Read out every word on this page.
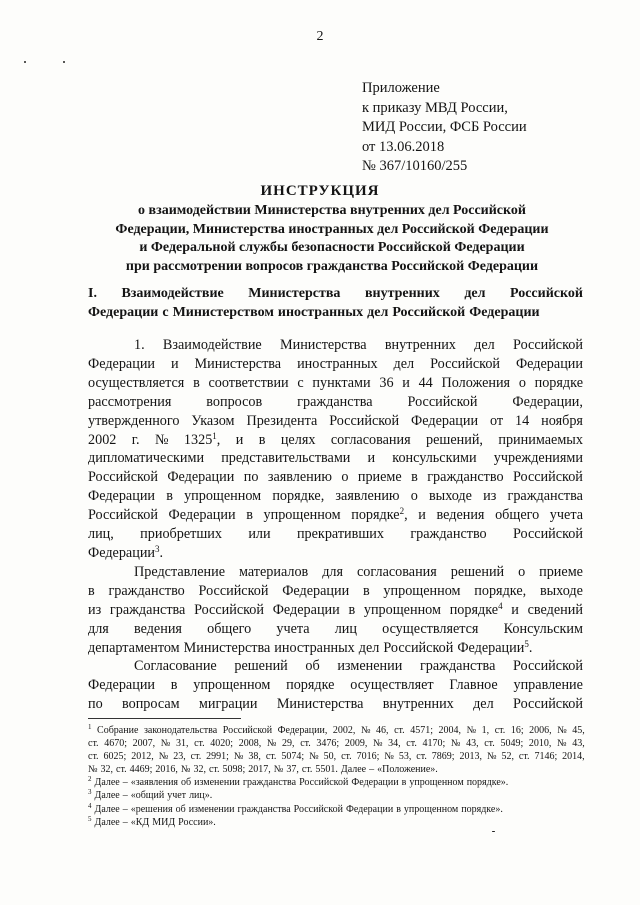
2
Приложение
к приказу МВД России,
МИД России, ФСБ России
от 13.06.2018
№ 367/10160/255
ИНСТРУКЦИЯ
о взаимодействии Министерства внутренних дел Российской
Федерации, Министерства иностранных дел Российской Федерации
и Федеральной службы безопасности Российской Федерации
при рассмотрении вопросов гражданства Российской Федерации
I. Взаимодействие Министерства внутренних дел Российской
Федерации с Министерством иностранных дел Российской Федерации
1. Взаимодействие Министерства внутренних дел Российской
Федерации и Министерства иностранных дел Российской Федерации
осуществляется в соответствии с пунктами 36 и 44 Положения о порядке
рассмотрения вопросов гражданства Российской Федерации,
утвержденного Указом Президента Российской Федерации от 14 ноября
2002 г. № 1325$^1$, и в целях согласования решений, принимаемых
дипломатическими представительствами и консульскими учреждениями
Российской Федерации по заявлению о приеме в гражданство Российской
Федерации в упрощенном порядке, заявлению о выходе из гражданства
Российской Федерации в упрощенном порядке$^2$, и ведения общего учета
лиц, приобретших или прекративших гражданство Российской
Федерации$^3$.
Представление материалов для согласования решений о приеме
в гражданство Российской Федерации в упрощенном порядке, выходе
из гражданства Российской Федерации в упрощенном порядке$^4$ и сведений
для ведения общего учета лиц осуществляется Консульским
департаментом Министерства иностранных дел Российской Федерации$^5$.
Согласование решений об изменении гражданства Российской
Федерации в упрощенном порядке осуществляет Главное управление
по вопросам миграции Министерства внутренних дел Российской
$^1$ Собрание законодательства Российской Федерации, 2002, № 46, ст. 4571; 2004, № 1, ст. 16; 2006, № 45,
ст. 4670; 2007, № 31, ст. 4020; 2008, № 29, ст. 3476; 2009, № 34, ст. 4170; № 43, ст. 5049; 2010, № 43,
ст. 6025; 2012, № 23, ст. 2991; № 38, ст. 5074; № 50, ст. 7016; № 53, ст. 7869; 2013, № 52, ст. 7146; 2014,
№ 32, ст. 4469; 2016, № 32, ст. 5098; 2017, № 37, ст. 5501. Далее – «Положение».
$^2$ Далее – «заявления об изменении гражданства Российской Федерации в упрощенном порядке».
$^3$ Далее – «общий учет лиц».
$^4$ Далее – «решения об изменении гражданства Российской Федерации в упрощенном порядке».
$^5$ Далее – «КД МИД России».
